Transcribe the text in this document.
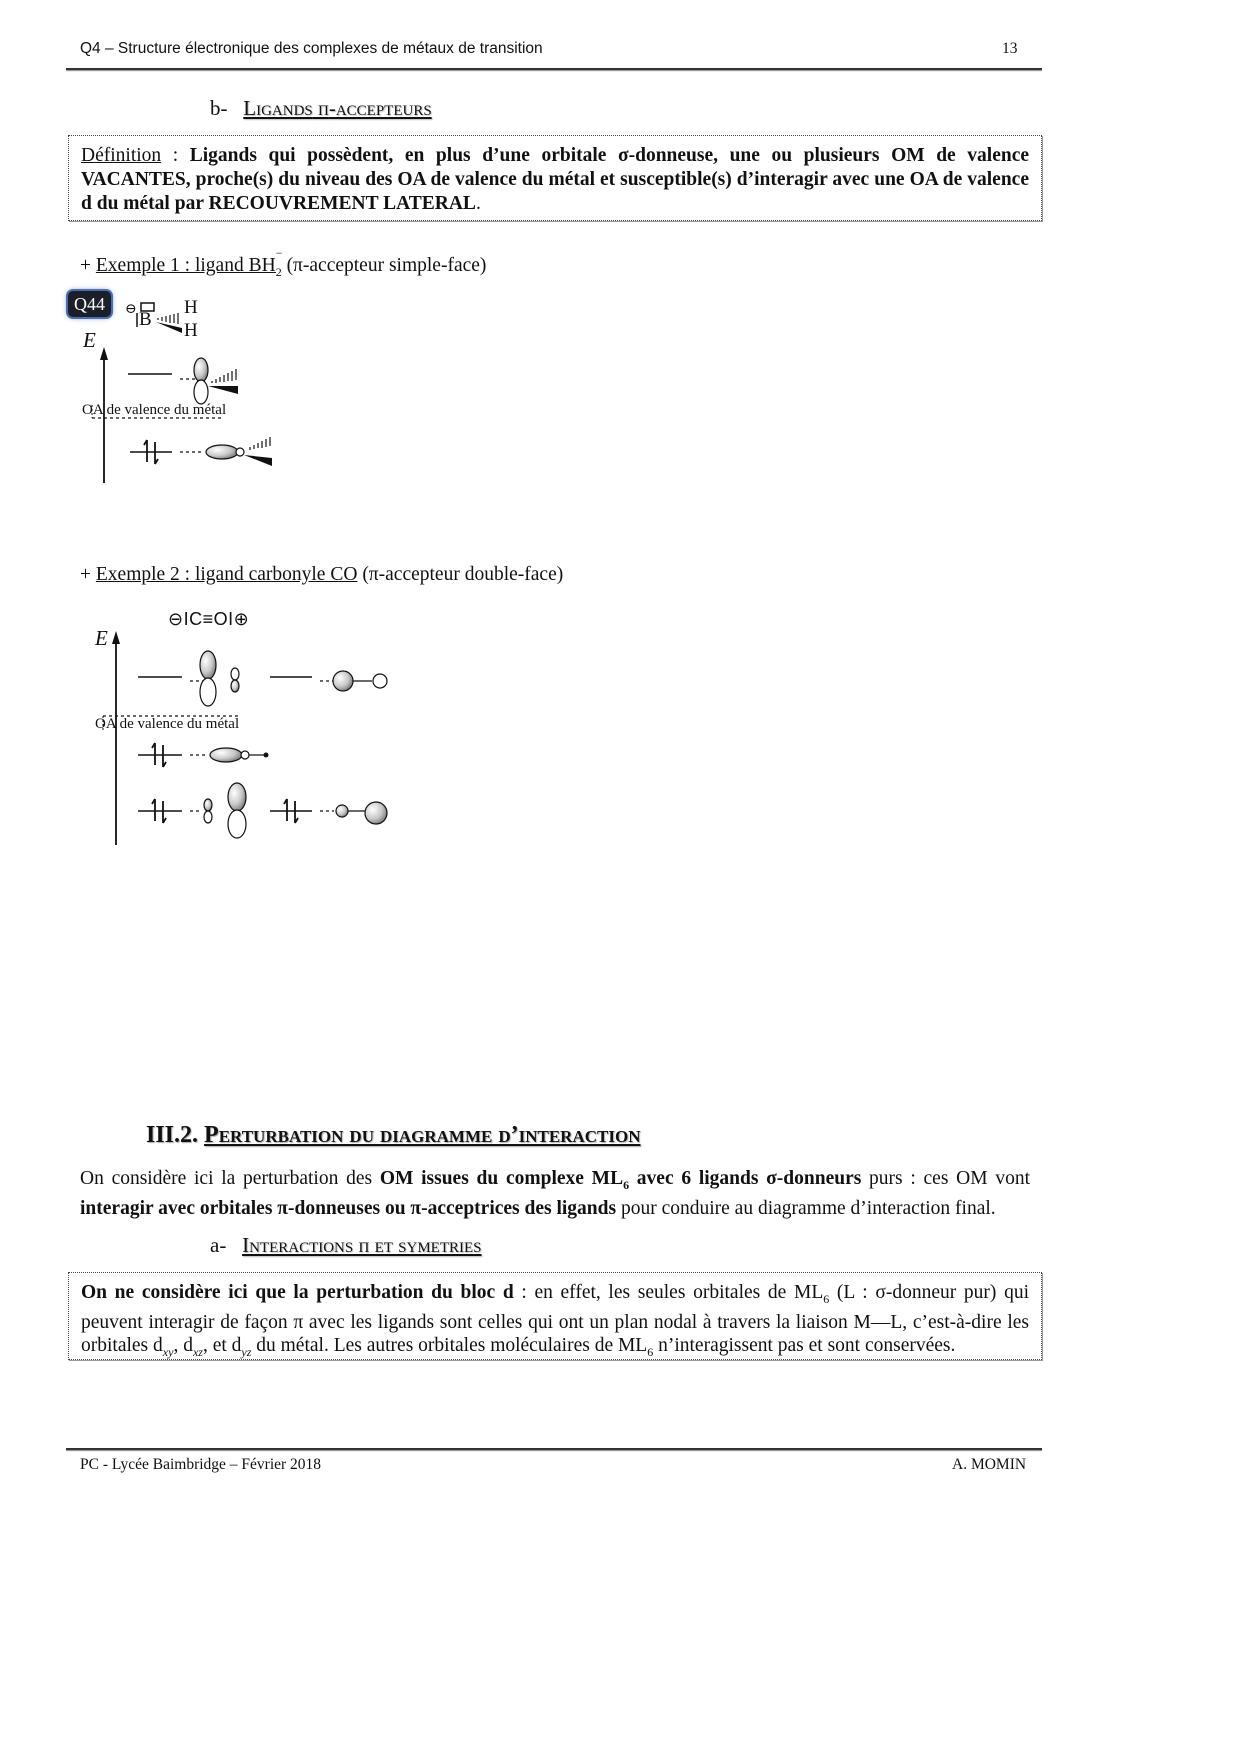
Q4 – Structure électronique des complexes de métaux de transition	13
b- Ligands π-accepteurs
Définition : Ligands qui possèdent, en plus d’une orbitale σ-donneuse, une ou plusieurs OM de valence VACANTES, proche(s) du niveau des OA de valence du métal et susceptible(s) d’interagir avec une OA de valence d du métal par RECOUVREMENT LATERAL.
+ Exemple 1 : ligand $BH_2$
−
(π-accepteur simple-face)
Q44	⊖ B
H
H
E
OA de valence du métal
+ Exemple 2 : ligand carbonyle CO (π-accepteur double-face)
⊖IC≡OI⊕
E
OA de valence du métal
III.2. Perturbation du diagramme d’interaction
On considère ici la perturbation des OM issues du complexe $ML_6$ avec 6 ligands σ-donneurs purs : ces OM vont interagir avec orbitales π-donneuses ou π-acceptrices des ligands pour conduire au diagramme d’interaction final.
a- Interactions π et symetries
On ne considère ici que la perturbation du bloc d : en effet, les seules orbitales de $ML_6$ (L : σ-donneur pur) qui peuvent interagir de façon π avec les ligands sont celles qui ont un plan nodal à travers la liaison M—L, c’est-à-dire les orbitales $d_{xy}$, $d_{xz}$, et $d_{yz}$ du métal. Les autres orbitales moléculaires de $ML_6$ n’interagissent pas et sont conservées.
PC - Lycée Baimbridge – Février 2018	A. MOMIN
